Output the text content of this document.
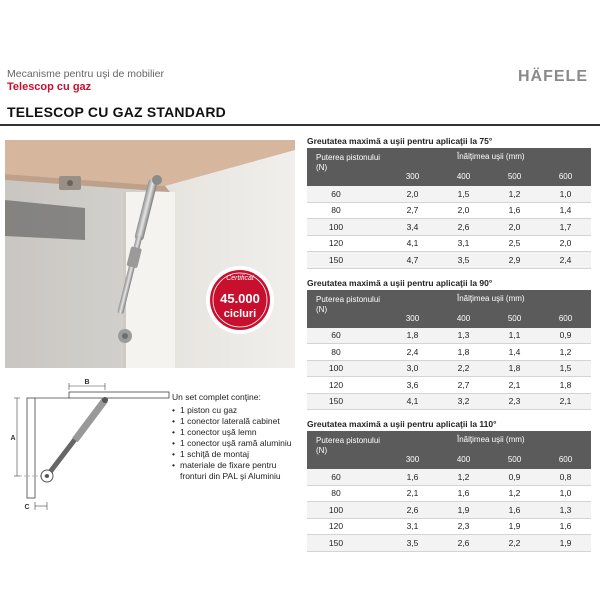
Mecanisme pentru uşi de mobilier
Telescop cu gaz
HÄFELE
TELESCOP CU GAZ STANDARD
Certificat
45.000
cicluri
B
A
C
Un set complet conţine:
• 1 piston cu gaz
• 1 conector laterală cabinet
• 1 conector uşă lemn
• 1 conector uşă ramă aluminiu
• 1 schiţă de montaj
• materiale de fixare pentru fronturi din PAL şi Aluminiu
Greutatea maximă a uşii pentru aplicaţii la 75°
Puterea pistonului (N)
Înălţimea uşii (mm)
300	400	500	600
60	2,0	1,5	1,2	1,0
80	2,7	2,0	1,6	1,4
100	3,4	2,6	2,0	1,7
120	4,1	3,1	2,5	2,0
150	4,7	3,5	2,9	2,4
Greutatea maximă a uşii pentru aplicaţii la 90°
Puterea pistonului (N)
Înălţimea uşii (mm)
300	400	500	600
60	1,8	1,3	1,1	0,9
80	2,4	1,8	1,4	1,2
100	3,0	2,2	1,8	1,5
120	3,6	2,7	2,1	1,8
150	4,1	3,2	2,3	2,1
Greutatea maximă a uşii pentru aplicaţii la 110°
Puterea pistonului (N)
Înălţimea uşii (mm)
300	400	500	600
60	1,6	1,2	0,9	0,8
80	2,1	1,6	1,2	1,0
100	2,6	1,9	1,6	1,3
120	3,1	2,3	1,9	1,6
150	3,5	2,6	2,2	1,9
